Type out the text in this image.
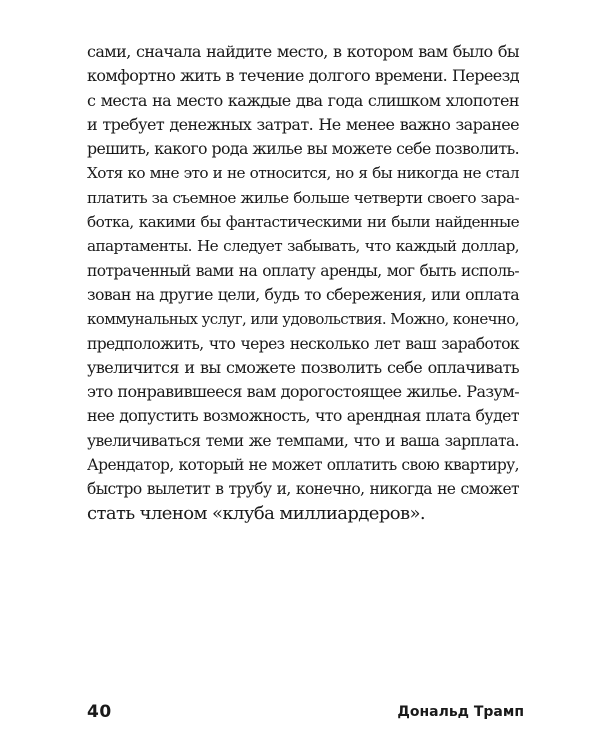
сами, сначала найдите место, в котором вам было бы
комфортно жить в течение долгого времени. Переезд
с места на место каждые два года слишком хлопотен
и требует денежных затрат. Не менее важно заранее
решить, какого рода жилье вы можете себе позволить.
Хотя ко мне это и не относится, но я бы никогда не стал
платить за съемное жилье больше четверти своего зара-
ботка, какими бы фантастическими ни были найденные
апартаменты. Не следует забывать, что каждый доллар,
потраченный вами на оплату аренды, мог быть исполь-
зован на другие цели, будь то сбережения, или оплата
коммунальных услуг, или удовольствия. Можно, конечно,
предположить, что через несколько лет ваш заработок
увеличится и вы сможете позволить себе оплачивать
это понравившееся вам дорогостоящее жилье. Разум-
нее допустить возможность, что арендная плата будет
увеличиваться теми же темпами, что и ваша зарплата.
Арендатор, который не может оплатить свою квартиру,
быстро вылетит в трубу и, конечно, никогда не сможет
стать членом «клуба миллиардеров».
40	Дональд Трамп
